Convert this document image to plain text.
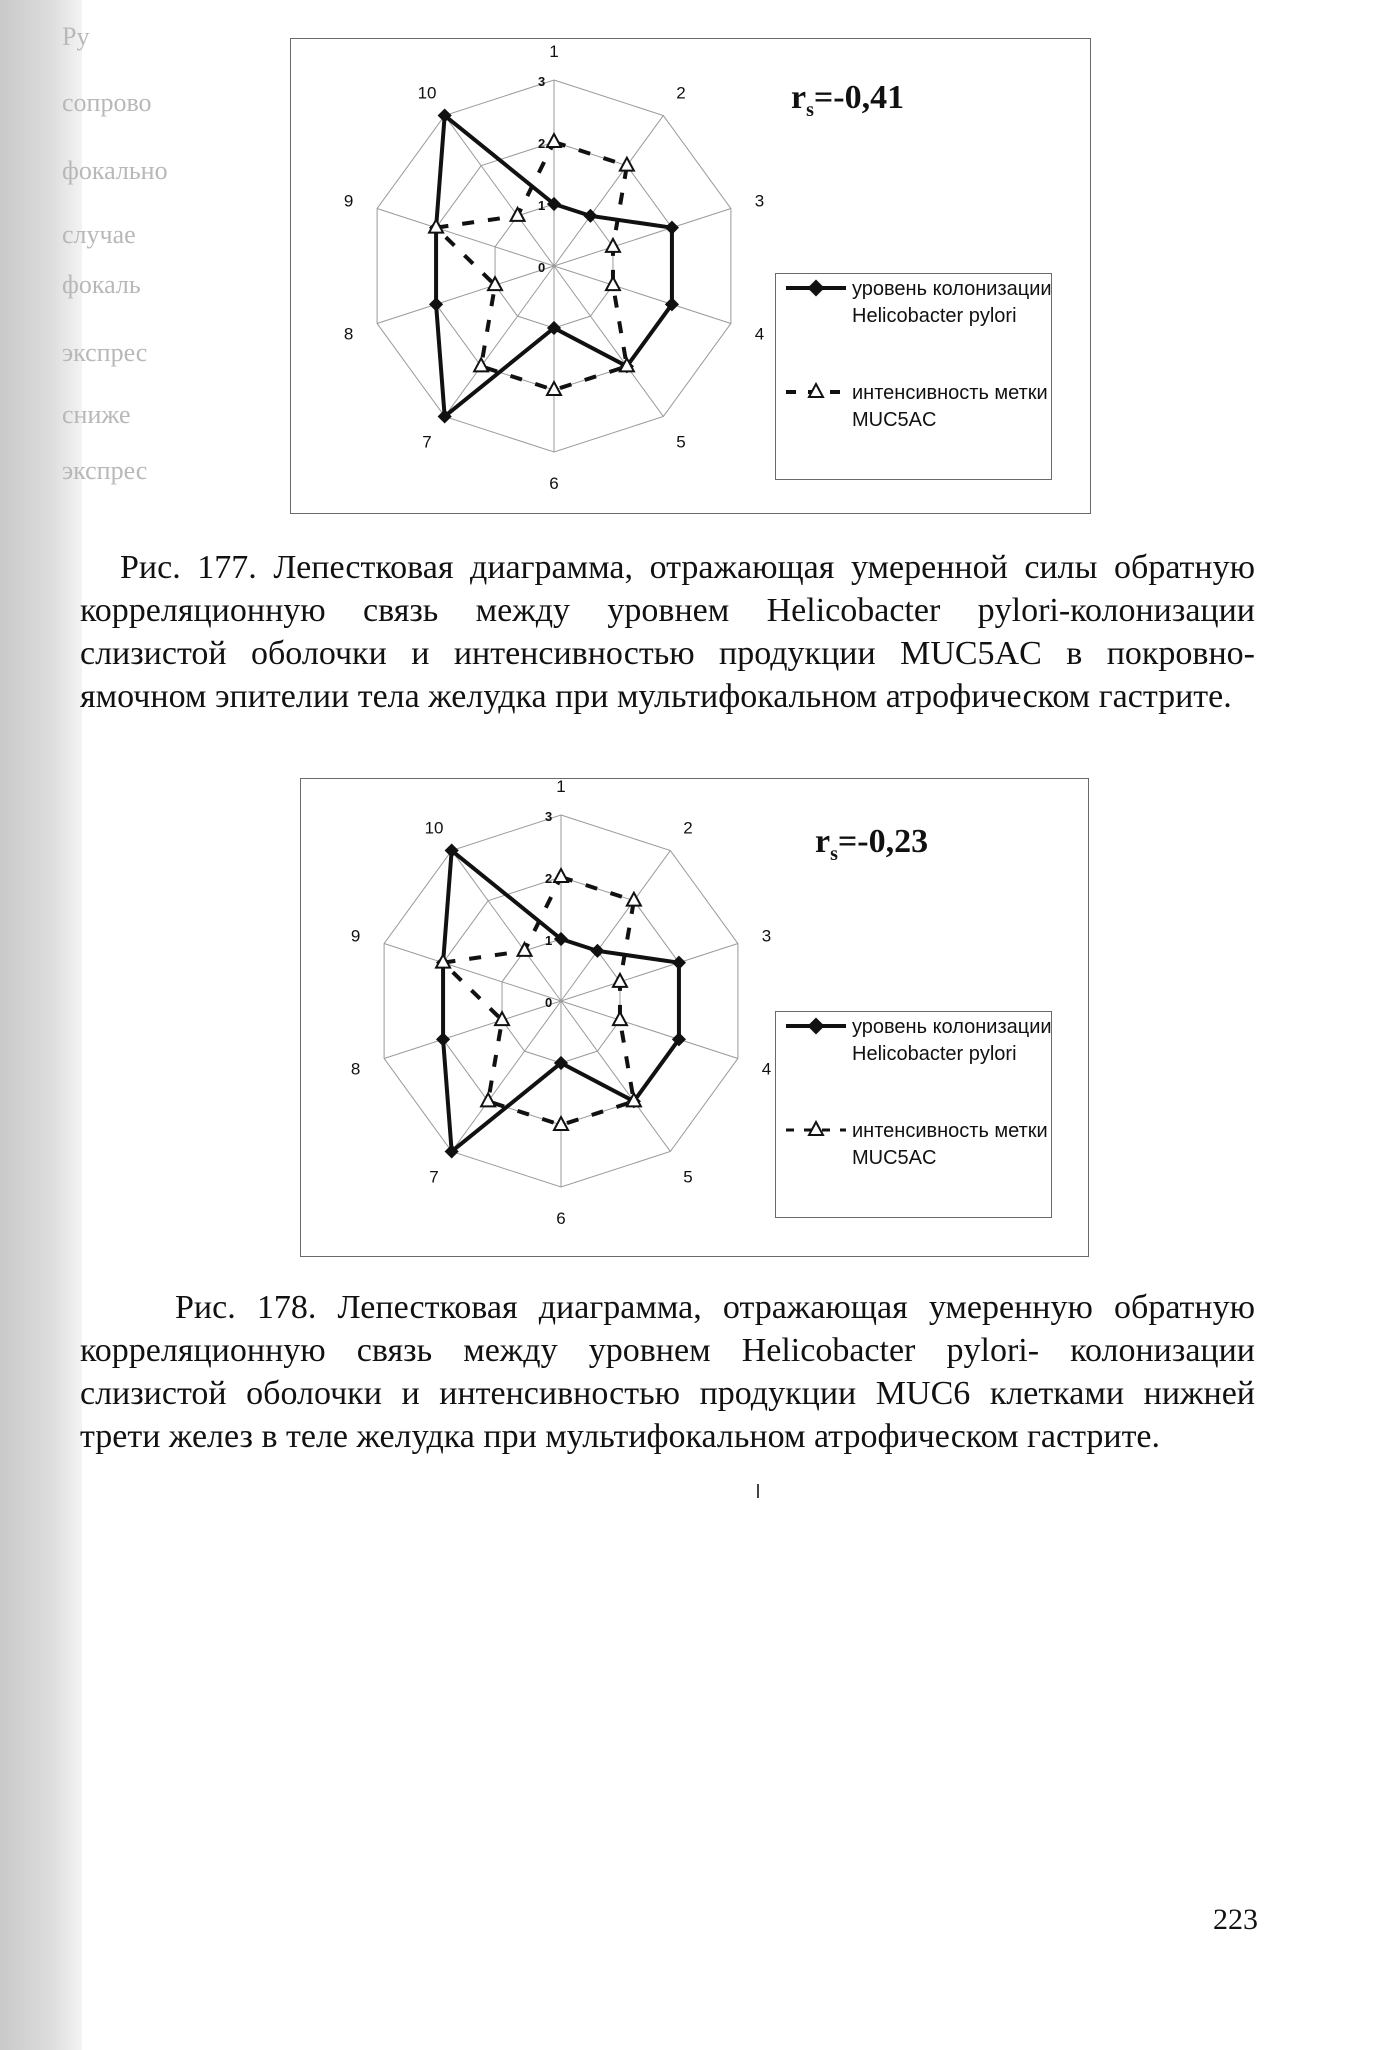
Ру
сопрово
фокально
случае
фокаль
экспрес
сниже
экспрес
0
1
2
3
1
2
3
4
5
6
7
8
9
10	$r_s=-0,41$
уровень колонизации Helicobacter pylori
интенсивность метки MUC5AC
Рис. 177. Лепестковая диаграмма, отражающая умеренной силы обратную корреляционную связь между уровнем Helicobacter pylori-колонизации слизистой оболочки и интенсивностью продукции MUC5AC в покровно-ямочном эпителии тела желудка при мультифокальном атрофическом гастрите.
0
1
2
3
1
2
3
4
5
6
7
8
9
10	$r_s=-0,23$
уровень колонизации Helicobacter pylori
интенсивность метки MUC5AC
Рис. 178. Лепестковая диаграмма, отражающая умеренную обратную корреляционную связь между уровнем Helicobacter pylori- колонизации слизистой оболочки и интенсивностью продукции MUC6 клетками нижней трети желез в теле желудка при мультифокальном атрофическом гастрите.
223
